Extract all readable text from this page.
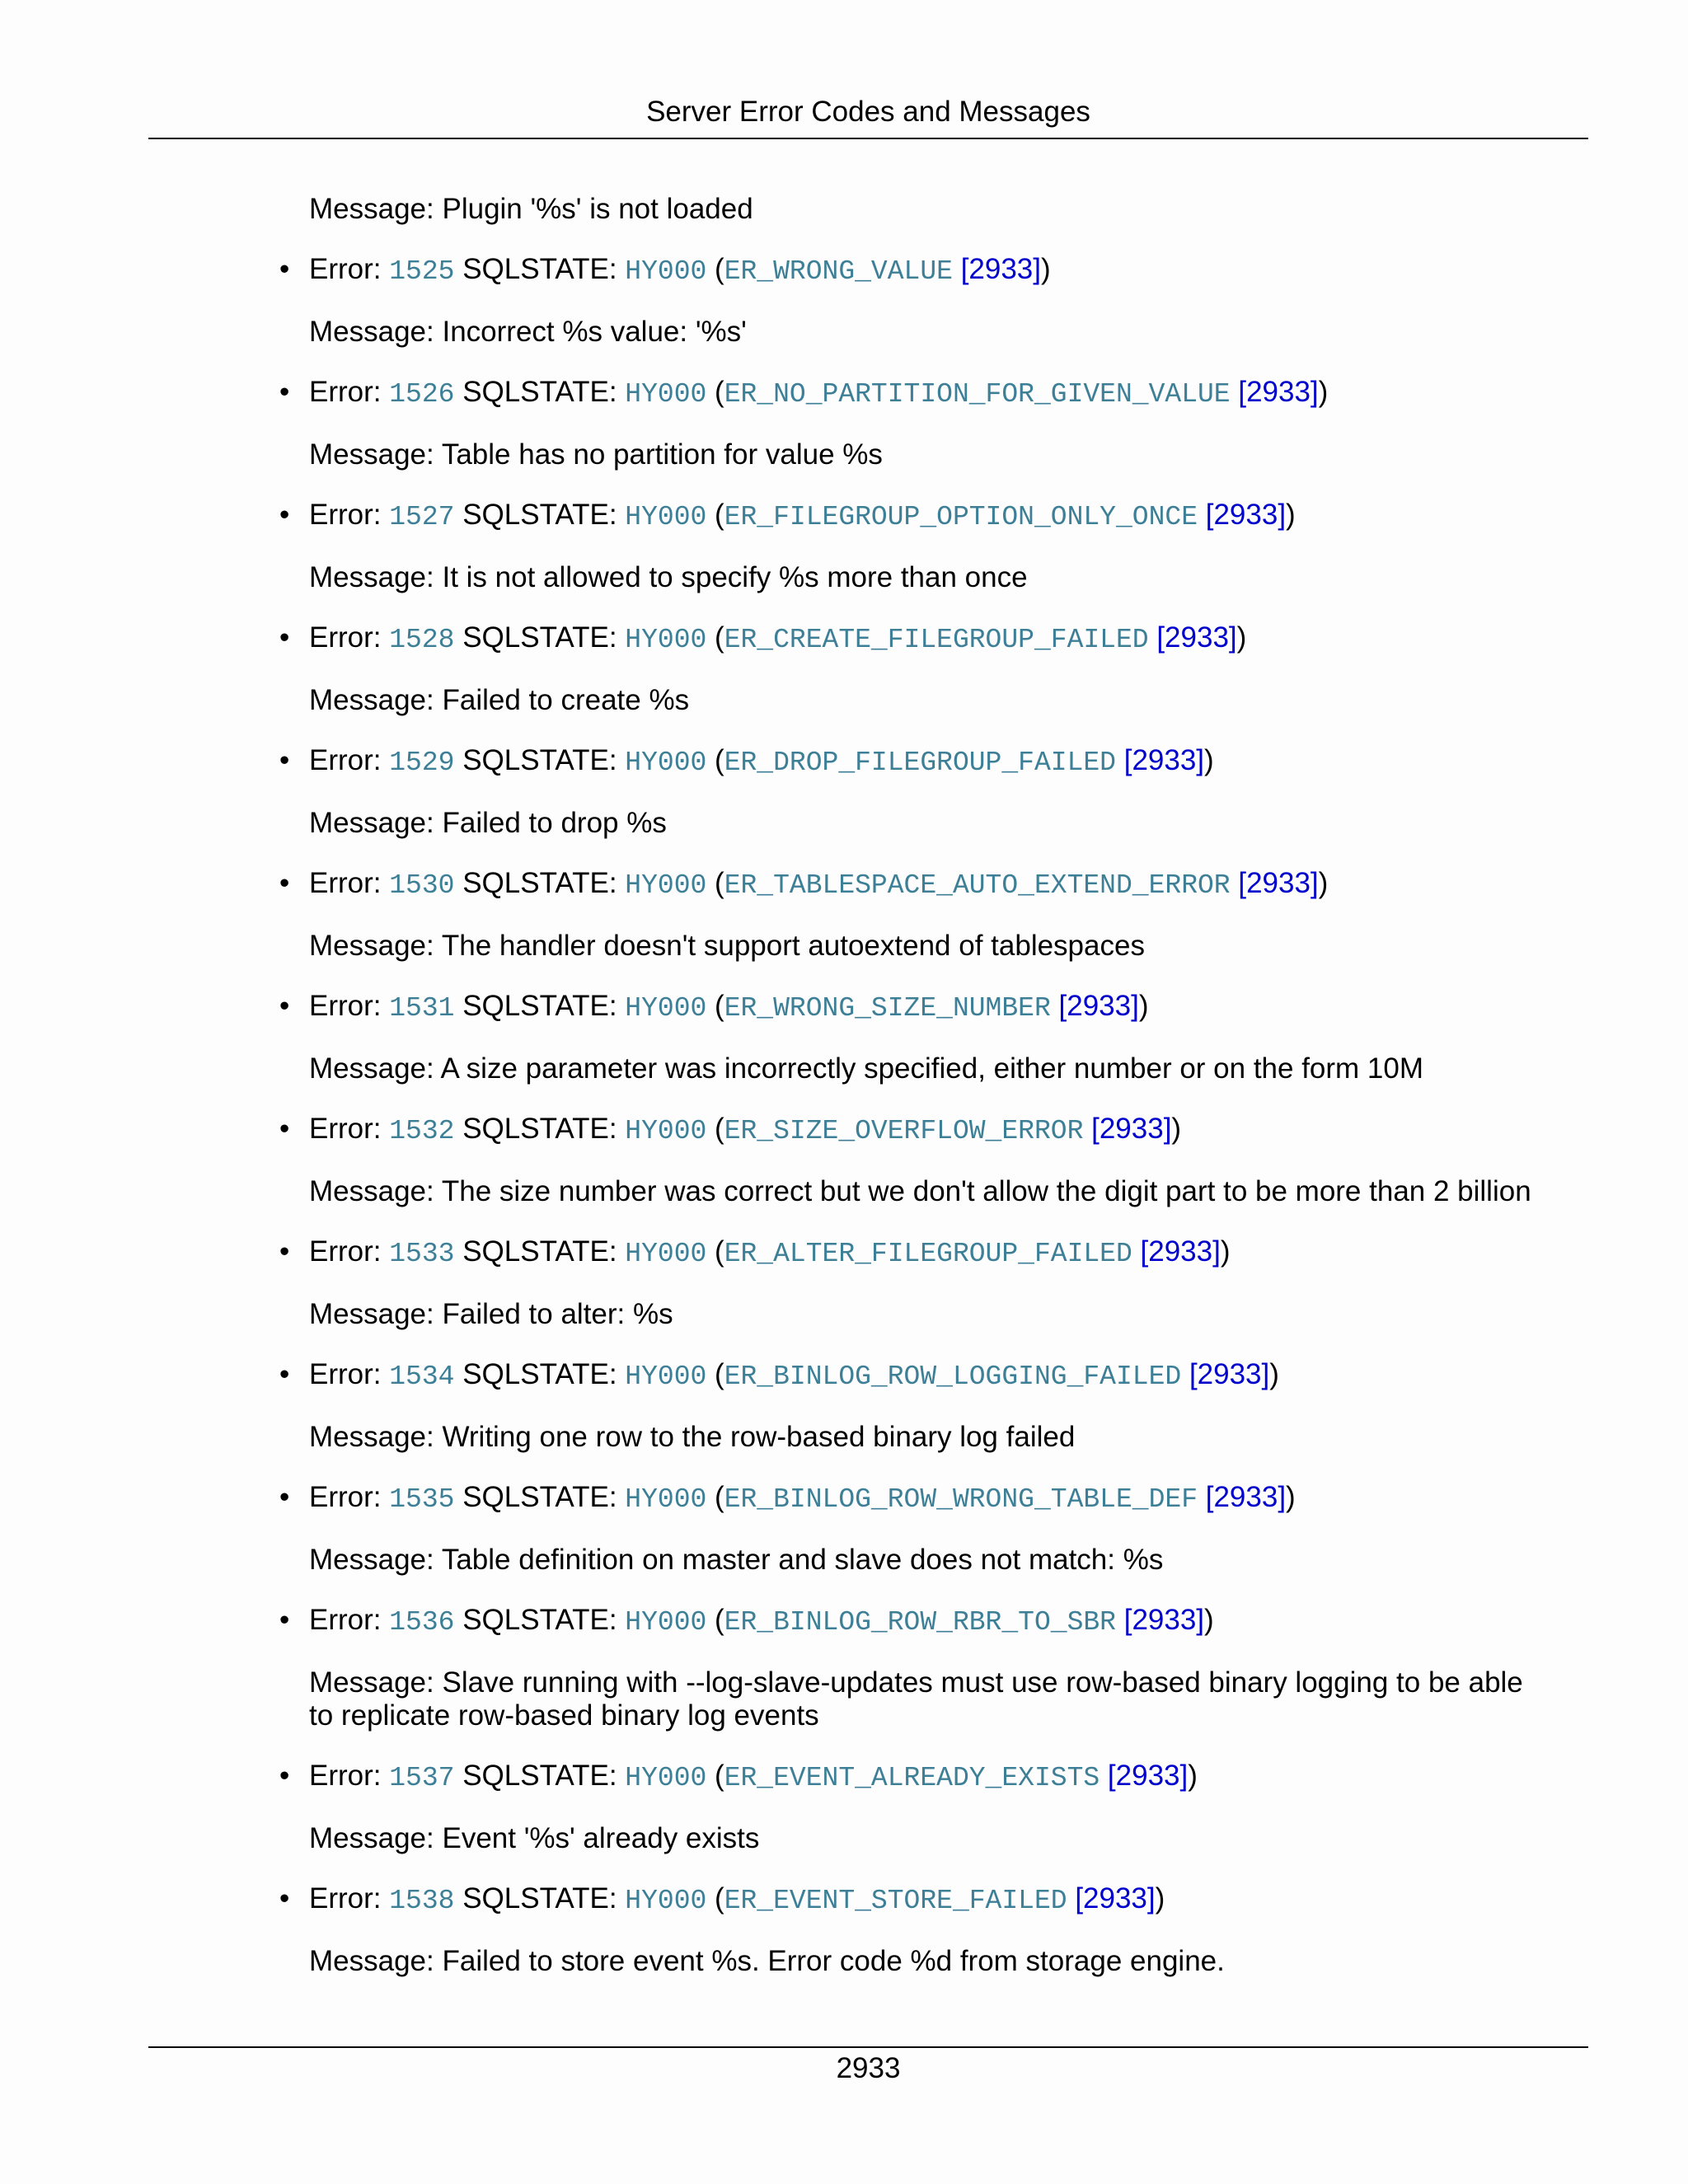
Server Error Codes and Messages
Message: Plugin '%s' is not loaded
• Error: 1525 SQLSTATE: HY000 (ER_WRONG_VALUE [2933])
Message: Incorrect %s value: '%s'
• Error: 1526 SQLSTATE: HY000 (ER_NO_PARTITION_FOR_GIVEN_VALUE [2933])
Message: Table has no partition for value %s
• Error: 1527 SQLSTATE: HY000 (ER_FILEGROUP_OPTION_ONLY_ONCE [2933])
Message: It is not allowed to specify %s more than once
• Error: 1528 SQLSTATE: HY000 (ER_CREATE_FILEGROUP_FAILED [2933])
Message: Failed to create %s
• Error: 1529 SQLSTATE: HY000 (ER_DROP_FILEGROUP_FAILED [2933])
Message: Failed to drop %s
• Error: 1530 SQLSTATE: HY000 (ER_TABLESPACE_AUTO_EXTEND_ERROR [2933])
Message: The handler doesn't support autoextend of tablespaces
• Error: 1531 SQLSTATE: HY000 (ER_WRONG_SIZE_NUMBER [2933])
Message: A size parameter was incorrectly specified, either number or on the form 10M
• Error: 1532 SQLSTATE: HY000 (ER_SIZE_OVERFLOW_ERROR [2933])
Message: The size number was correct but we don't allow the digit part to be more than 2 billion
• Error: 1533 SQLSTATE: HY000 (ER_ALTER_FILEGROUP_FAILED [2933])
Message: Failed to alter: %s
• Error: 1534 SQLSTATE: HY000 (ER_BINLOG_ROW_LOGGING_FAILED [2933])
Message: Writing one row to the row-based binary log failed
• Error: 1535 SQLSTATE: HY000 (ER_BINLOG_ROW_WRONG_TABLE_DEF [2933])
Message: Table definition on master and slave does not match: %s
• Error: 1536 SQLSTATE: HY000 (ER_BINLOG_ROW_RBR_TO_SBR [2933])
Message: Slave running with --log-slave-updates must use row-based binary logging to be able to replicate row-based binary log events
• Error: 1537 SQLSTATE: HY000 (ER_EVENT_ALREADY_EXISTS [2933])
Message: Event '%s' already exists
• Error: 1538 SQLSTATE: HY000 (ER_EVENT_STORE_FAILED [2933])
Message: Failed to store event %s. Error code %d from storage engine.
2933
